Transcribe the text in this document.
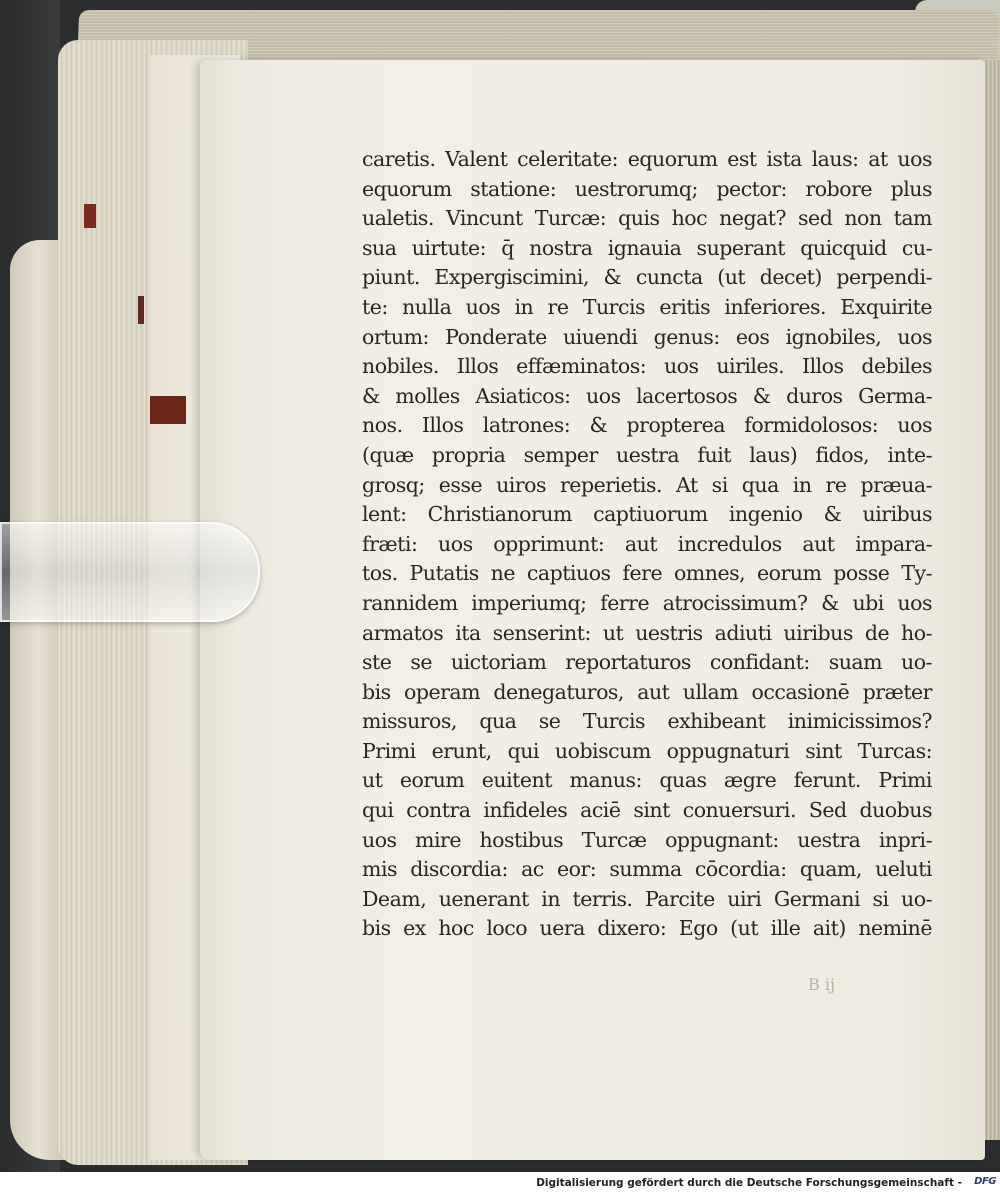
caretis. Valent celeritate: equorum est ista laus: at uos
equorum statione: uestrorumq; pector: robore plus
ualetis. Vincunt Turcæ: quis hoc negat? sed non tam
sua uirtute: q̄ nostra ignauia superant quicquid cu-
piunt. Expergiscimini, & cuncta (ut decet) perpendi-
te: nulla uos in re Turcis eritis inferiores. Exquirite
ortum: Ponderate uiuendi genus: eos ignobiles, uos
nobiles. Illos effæminatos: uos uiriles. Illos debiles
& molles Asiaticos: uos lacertosos & duros Germa-
nos. Illos latrones: & propterea formidolosos: uos
(quæ propria semper uestra fuit laus) fidos, inte-
grosq; esse uiros reperietis. At si qua in re præua-
lent: Christianorum captiuorum ingenio & uiribus
fræti: uos opprimunt: aut incredulos aut impara-
tos. Putatis ne captiuos fere omnes, eorum posse Ty-
rannidem imperiumq; ferre atrocissimum? & ubi uos
armatos ita senserint: ut uestris adiuti uiribus de ho-
ste se uictoriam reportaturos confidant: suam uo-
bis operam denegaturos, aut ullam occasionē præter
missuros, qua se Turcis exhibeant inimicissimos?
Primi erunt, qui uobiscum oppugnaturi sint Turcas:
ut eorum euitent manus: quas ægre ferunt. Primi
qui contra infideles aciē sint conuersuri. Sed duobus
uos mire hostibus Turcæ oppugnant: uestra inpri-
mis discordia: ac eor: summa cōcordia: quam, ueluti
Deam, uenerant in terris. Parcite uiri Germani si uo-
bis ex hoc loco uera dixero: Ego (ut ille ait) neminē
B ij
Digitalisierung gefördert durch die Deutsche Forschungsgemeinschaft - DFG
